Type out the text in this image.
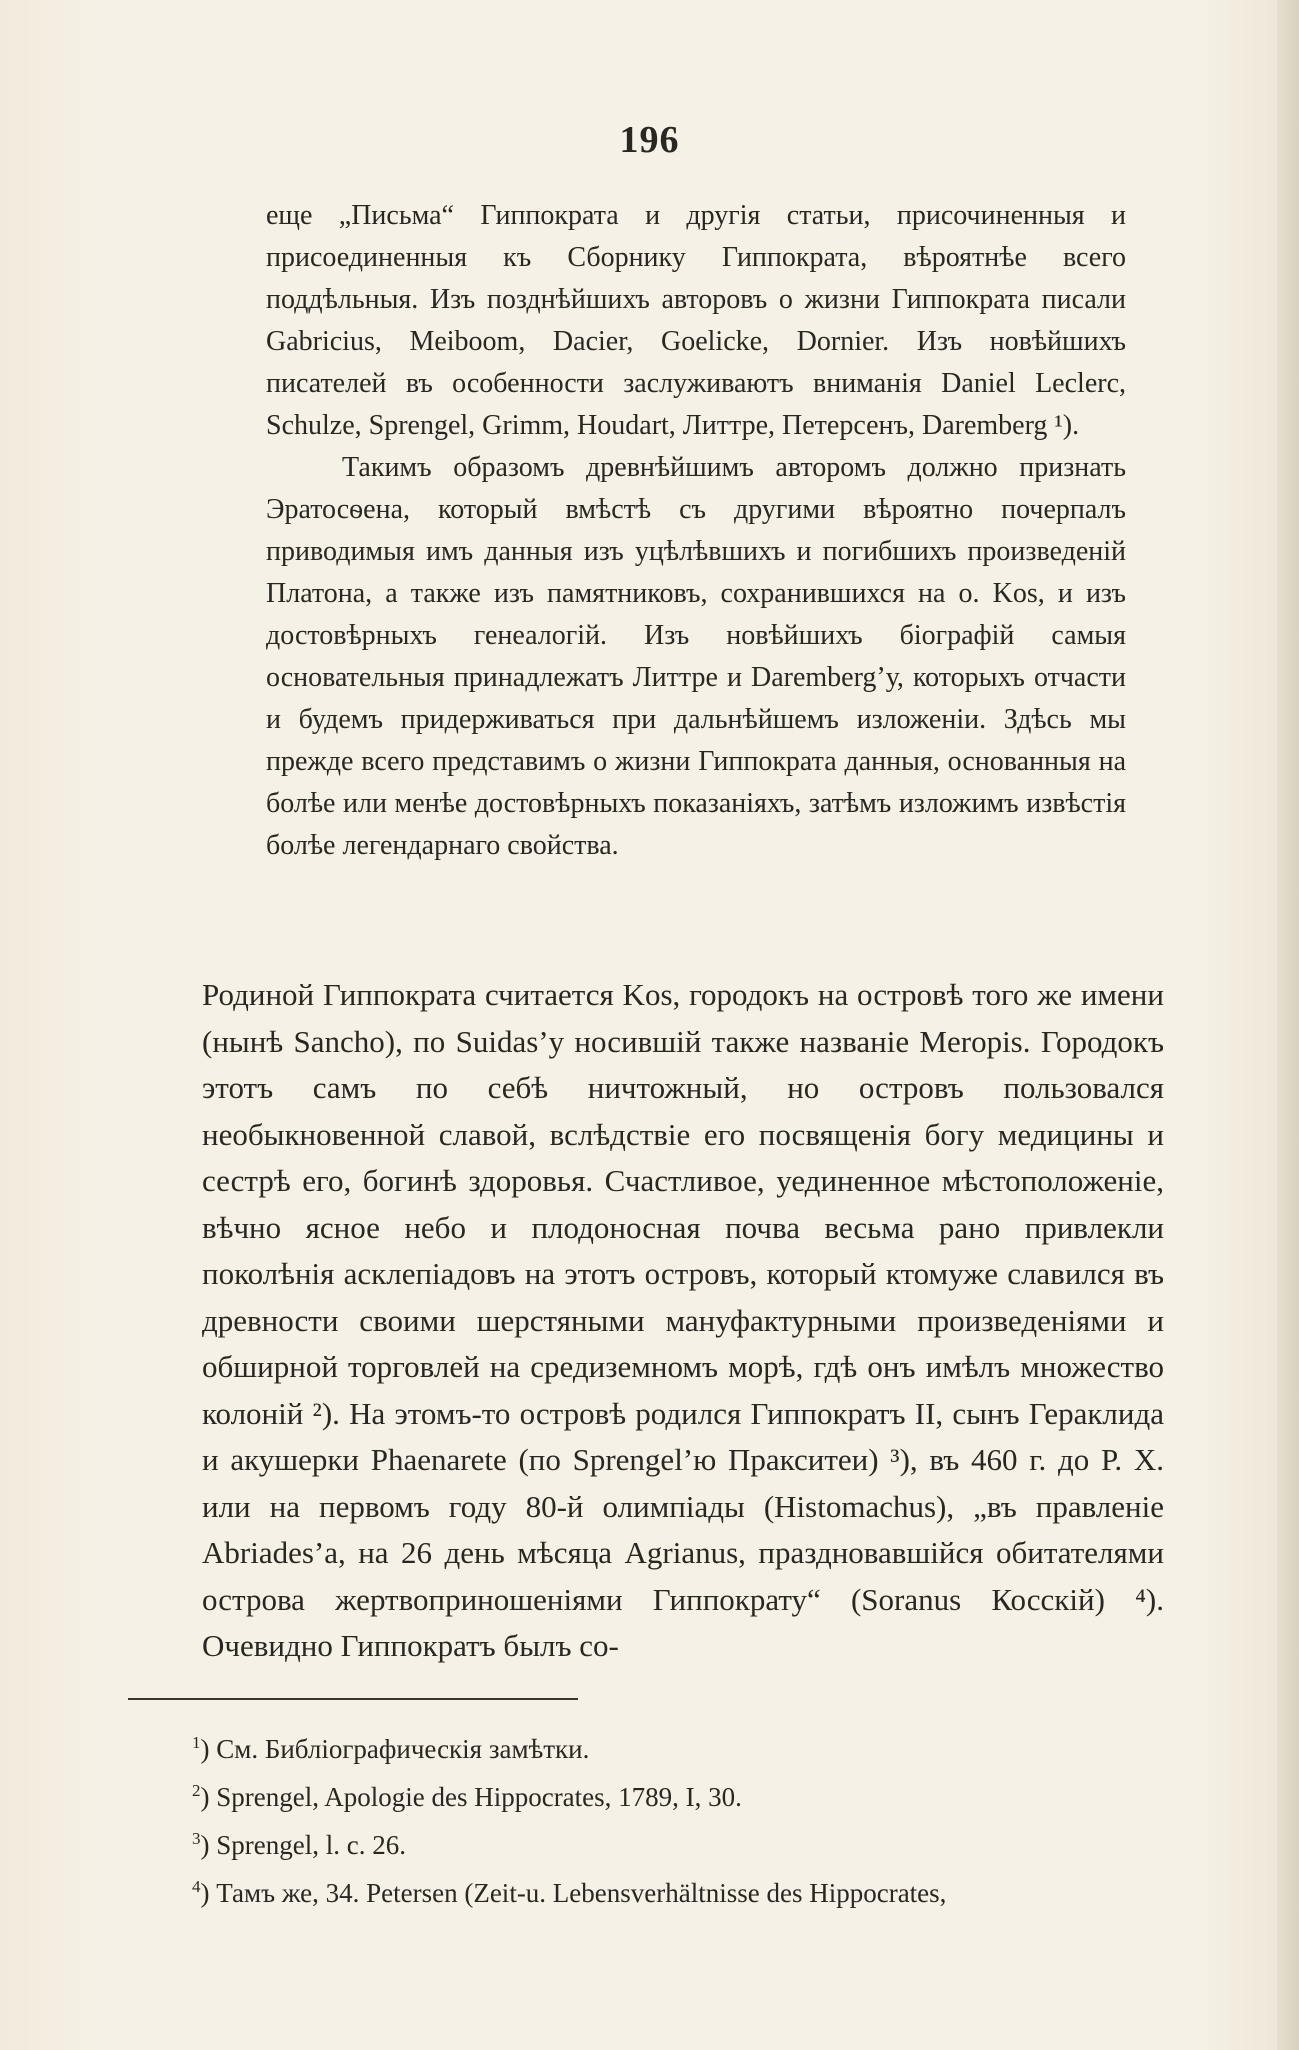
196

еще „Письма“ Гиппократа и другія статьи, присочиненныя и присоединенныя къ Сборнику Гиппократа, вѣроятнѣе всего поддѣльныя. Изъ позднѣйшихъ авторовъ о жизни Гиппократа писали Gabricius, Meiboom, Dacier, Goelicke, Dornier. Изъ новѣйшихъ писателей въ особенности заслуживаютъ вниманія Daniel Leclerc, Schulze, Sprengel, Grimm, Houdart, Литтре, Петерсенъ, Daremberg ¹).

Такимъ образомъ древнѣйшимъ авторомъ должно признать Эратосѳена, который вмѣстѣ съ другими вѣроятно почерпалъ приводимыя имъ данныя изъ уцѣлѣвшихъ и погибшихъ произведеній Платона, а также изъ памятниковъ, сохранившихся на о. Kos, и изъ достовѣрныхъ генеалогій. Изъ новѣйшихъ біографій самыя основательныя принадлежатъ Литтре и Daremberg’у, которыхъ отчасти и будемъ придерживаться при дальнѣйшемъ изложеніи. Здѣсь мы прежде всего представимъ о жизни Гиппократа данныя, основанныя на болѣе или менѣе достовѣрныхъ показаніяхъ, затѣмъ изложимъ извѣстія болѣе легендарнаго свойства.

Родиной Гиппократа считается Kos, городокъ на островѣ того же имени (нынѣ Sancho), по Suidas’у носившій также названіе Meropis. Городокъ этотъ самъ по себѣ ничтожный, но островъ пользовался необыкновенной славой, вслѣдствіе его посвященія богу медицины и сестрѣ его, богинѣ здоровья. Счастливое, уединенное мѣстоположеніе, вѣчно ясное небо и плодоносная почва весьма рано привлекли поколѣнія асклепіадовъ на этотъ островъ, который ктомуже славился въ древности своими шерстяными мануфактурными произведеніями и обширной торговлей на средиземномъ морѣ, гдѣ онъ имѣлъ множество колоній ²). На этомъ-то островѣ родился Гиппократъ II, сынъ Гераклида и акушерки Phaenarete (по Sprengel’ю Пракситеи) ³), въ 460 г. до Р. Х. или на первомъ году 80-й олимпіады (Histomachus), „въ правленіе Abriades’а, на 26 день мѣсяца Agrianus, праздновавшійся обитателями острова жертвоприношеніями Гиппократу“ (Soranus Косскій) ⁴). Очевидно Гиппократъ былъ со-

$^1$) См. Библіографическія замѣтки.

$^2$) Sprengel, Apologie des Hippocrates, 1789, I, 30.

$^3$) Sprengel, l. c. 26.

$^4$) Тамъ же, 34. Petersen (Zeit-u. Lebensverhältnisse des Hippocrates,
